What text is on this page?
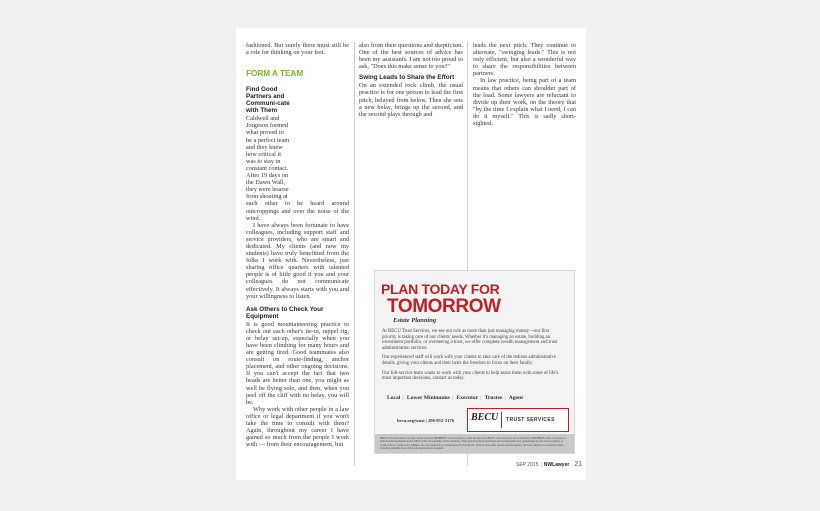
fashioned. But surely there must still be a role for thinking on your feet.

FORM A TEAM
Find Good Partners and Communi-cate with Them

Caldwell and Jorgeson formed what proved to be a perfect team and they knew how critical it was to stay in constant contact. After 19 days on the Dawn Wall, they were hoarse from shouting at

each other to be heard around outcroppings and over the noise of the wind.

I have always been fortunate to have colleagues, including support staff and service providers, who are smart and dedicated. My clients (and now my students) have truly benefitted from the folks I work with. Nevertheless, just sharing office quarters with talented people is of little good if you and your colleagues do not communicate effectively. It always starts with you and your willingness to listen.

Ask Others to Check Your Equipment

It is good mountaineering practice to check out each other's tie-in, rappel rig, or belay set-up, especially when you have been climbing for many hours and are getting tired. Good teammates also consult on route-finding, anchor placement, and other ongoing decisions. If you can't accept the fact that two heads are better than one, you might as well be flying solo, and then, when you peel off the cliff with no belay, you will be.

Why work with other people in a law office or legal department if you won't take the time to consult with them? Again, throughout my career I have gained so much from the people I work with — from their encouragement, but

also from their questions and skepticism. One of the best sources of advice has been my assistants. I am not too proud to ask, "Does this make sense to you?"

Swing Leads to Share the Effort

On an extended rock climb, the usual practice is for one person to lead the first pitch, belayed from below. Then she sets a new belay, brings up the second, and the second plays through and

leads the next pitch. They continue to alternate, "swinging leads." This is not only efficient, but also a wonderful way to share the responsibilities between partners.

In law practice, being part of a team means that others can shoulder part of the load. Some lawyers are reluctant to divide up their work, on the theory that "by the time I explain what I need, I can do it myself." This is sadly short-sighted.

PLAN TODAY FOR
TOMORROW
Estate Planning

At BECU Trust Services, we see our role as more than just managing money—our first priority is taking care of our clients' needs. Whether it's managing an estate, building an investment portfolio, or overseeing a trust, we offer complete wealth management and trust administration services.

Our experienced staff will work with your clients to take care of the tedious administrative details, giving your clients and their heirs the freedom to focus on their family.

Our full-service team wants to work with your clients to help assist them with some of life's most important decisions, contact us today.

Local | Lower Minimums | Executor | Trustee | Agent
becu.org/trust | 206-812-5176 BECU TRUST SERVICES
BECU Trust Services is a trade name used by MEMBERS Trust Company under license from BECU. Trust services are provided by MEMBERS Trust Company, a federal thrift regulated by the Office of the Comptroller of the Currency. Trust and investment products are not deposits of or guaranteed by the trust company, a credit union or credit union affiliate, are not insured by or guaranteed by the NCUA, FDIC or any other governmental agency, and are subject to investment risks, including possible loss of the principal amount invested.
SEP 2015 | NWLawyer 21
